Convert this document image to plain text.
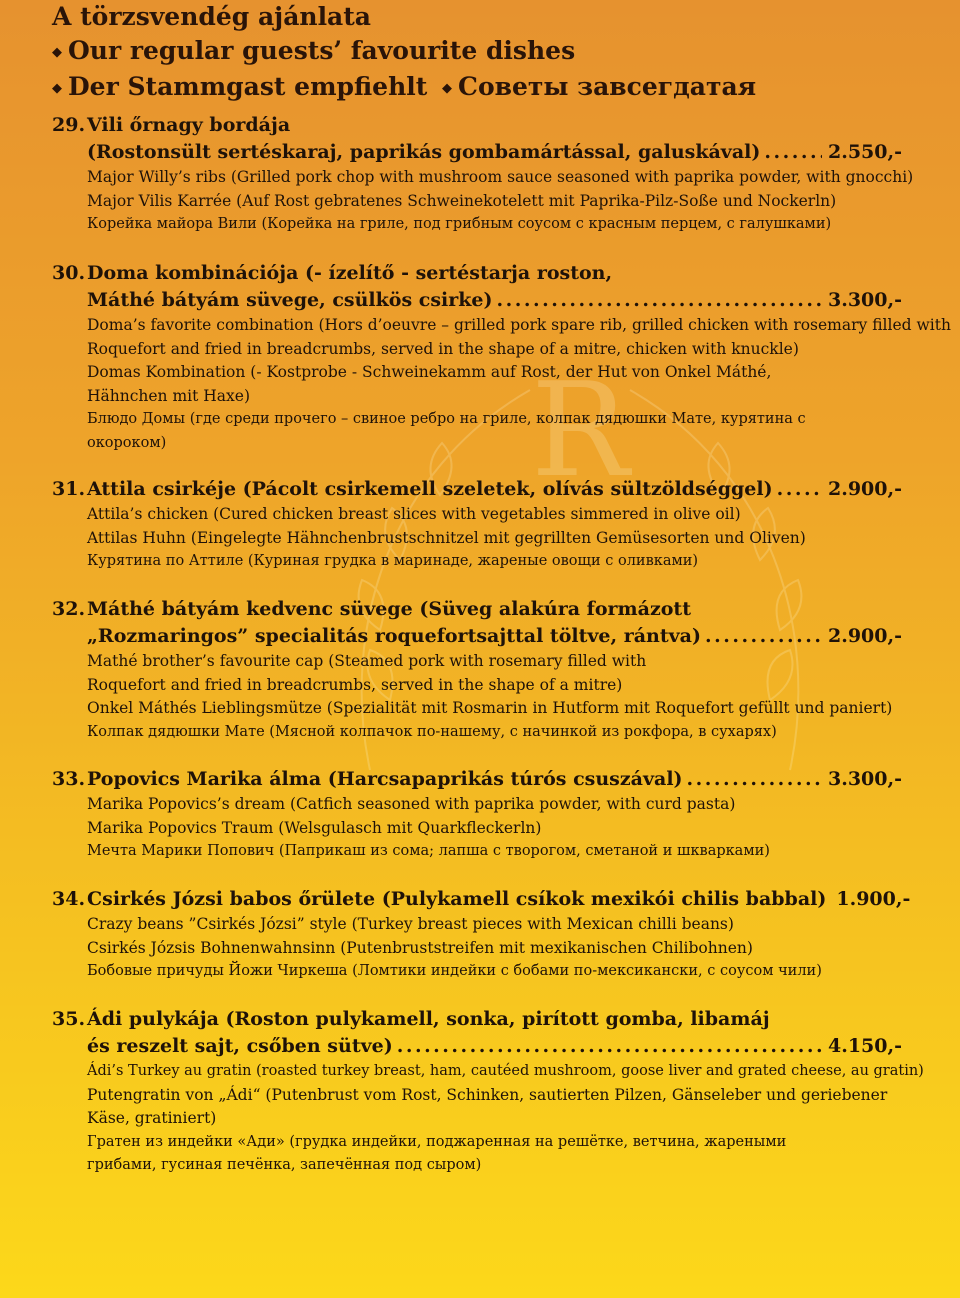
R
A törzsvendég ajánlata
◆ Our regular guests’ favourite dishes
◆ Der Stammgast empfiehlt ◆ Советы завсегдатая
29. Vili őrnagy bordája
(Rostonsült sertéskaraj, paprikás gombamártással, galuskával) .....	2.550,-
Major Willy’s ribs (Grilled pork chop with mushroom sauce seasoned with paprika powder, with gnocchi)
Major Vilis Karrée (Auf Rost gebratenes Schweinekotelett mit Paprika-Pilz-Soße und Nockerln)
Корейка майора Вили (Корейка на гриле, под грибным соусом с красным перцем, с галушками)
30. Doma kombinációja (- ízelítő - sertéstarja roston,
Máthé bátyám süvege, csülkös csirke) .....	3.300,-
Doma’s favorite combination (Hors d’oeuvre – grilled pork spare rib, grilled chicken with rosemary filled with
Roquefort and fried in breadcrumbs, served in the shape of a mitre, chicken with knuckle)
Domas Kombination (- Kostprobe - Schweinekamm auf Rost, der Hut von Onkel Máthé,
Hähnchen mit Haxe)
Блюдо Домы (где среди прочего – свиное ребро на гриле, колпак дядюшки Мате, курятина с
окороком)
31. Attila csirkéje (Pácolt csirkemell szeletek, olívás sültzöldséggel) .....	2.900,-
Attila’s chicken (Cured chicken breast slices with vegetables simmered in olive oil)
Attilas Huhn (Eingelegte Hähnchenbrustschnitzel mit gegrillten Gemüsesorten und Oliven)
Курятина по Аттиле (Куриная грудка в маринаде, жареные овощи с оливками)
32. Máthé bátyám kedvenc süvege (Süveg alakúra formázott
„Rozmaringos” specialitás roquefortsajttal töltve, rántva) .....	2.900,-
Mathé brother’s favourite cap (Steamed pork with rosemary filled with
Roquefort and fried in breadcrumbs, served in the shape of a mitre)
Onkel Máthés Lieblingsmütze (Spezialität mit Rosmarin in Hutform mit Roquefort gefüllt und paniert)
Колпак дядюшки Мате (Мясной колпачок по-нашему, с начинкой из рокфора, в сухарях)
33. Popovics Marika álma (Harcsapaprikás túrós csuszával) .....	3.300,-
Marika Popovics’s dream (Catfich seasoned with paprika powder, with curd pasta)
Marika Popovics Traum (Welsgulasch mit Quarkfleckerln)
Мечта Марики Попович (Паприкаш из сома; лапша с творогом, сметаной и шкварками)
34. Csirkés Józsi babos őrülete (Pulykamell csíkok mexikói chilis babbal) 1.900,-
Crazy beans ”Csirkés Józsi” style (Turkey breast pieces with Mexican chilli beans)
Csirkés Józsis Bohnenwahnsinn (Putenbruststreifen mit mexikanischen Chilibohnen)
Бобовые причуды Йожи Чиркеша (Ломтики индейки с бобами по-мексикански, с соусом чили)
35. Ádi pulykája (Roston pulykamell, sonka, pirított gomba, libamáj
és reszelt sajt, csőben sütve) .....	4.150,-
Ádi’s Turkey au gratin (roasted turkey breast, ham, cautéed mushroom, goose liver and grated cheese, au gratin)
Putengratin von „Ádi“ (Putenbrust vom Rost, Schinken, sautierten Pilzen, Gänseleber und geriebener
Käse, gratiniert)
Гратен из индейки «Ади» (грудка индейки, поджаренная на решётке, ветчина, жареными
грибами, гусиная печёнка, запечённая под сыром)
